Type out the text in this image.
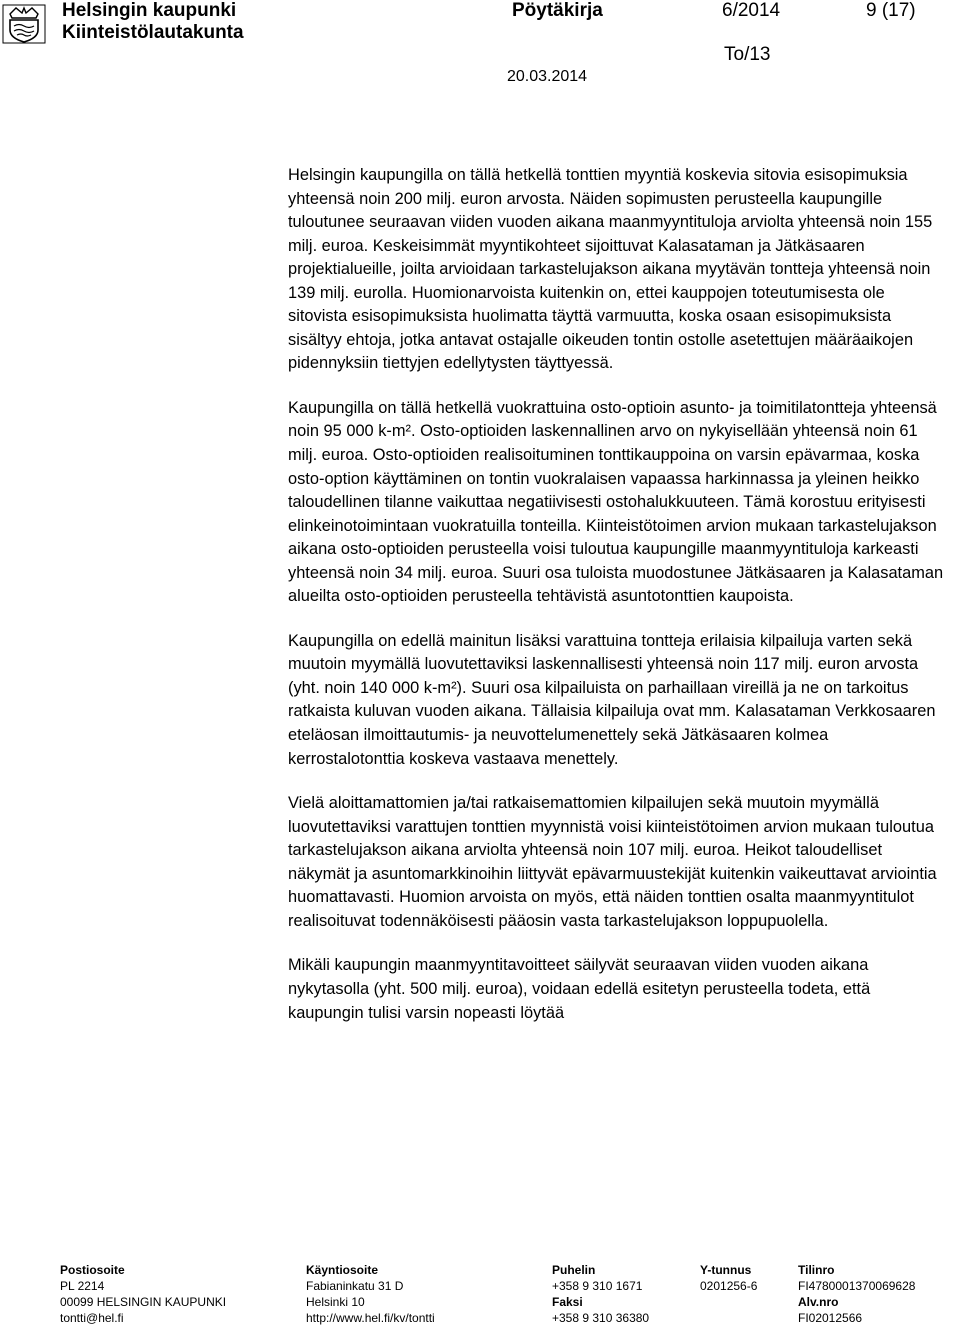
Helsingin kaupunki
Kiinteistölautakunta
Pöytäkirja	6/2014	9 (17)
To/13
20.03.2014

Helsingin kaupungilla on tällä hetkellä tonttien myyntiä koskevia sitovia esisopimuksia yhteensä noin 200 milj. euron arvosta. Näiden sopimusten perusteella kaupungille tuloutunee seuraavan viiden vuoden aikana maanmyyntituloja arviolta yhteensä noin 155 milj. euroa. Keskeisimmät myyntikohteet sijoittuvat Kalasataman ja Jätkäsaaren projektialueille, joilta arvioidaan tarkastelujakson aikana myytävän tontteja yhteensä noin 139 milj. eurolla. Huomionarvoista kuitenkin on, ettei kauppojen toteutumisesta ole sitovista esisopimuksista huolimatta täyttä varmuutta, koska osaan esisopimuksista sisältyy ehtoja, jotka antavat ostajalle oikeuden tontin ostolle asetettujen määräaikojen pidennyksiin tiettyjen edellytysten täyttyessä.

Kaupungilla on tällä hetkellä vuokrattuina osto-optioin asunto- ja toimitilatontteja yhteensä noin 95 000 k-m². Osto-optioiden laskennallinen arvo on nykyisellään yhteensä noin 61 milj. euroa. Osto-optioiden realisoituminen tonttikauppoina on varsin epävarmaa, koska osto-option käyttäminen on tontin vuokralaisen vapaassa harkinnassa ja yleinen heikko taloudellinen tilanne vaikuttaa negatiivisesti ostohalukkuuteen. Tämä korostuu erityisesti elinkeinotoimintaan vuokratuilla tonteilla. Kiinteistötoimen arvion mukaan tarkastelujakson aikana osto-optioiden perusteella voisi tuloutua kaupungille maanmyyntituloja karkeasti yhteensä noin 34 milj. euroa. Suuri osa tuloista muodostunee Jätkäsaaren ja Kalasataman alueilta osto-optioiden perusteella tehtävistä asuntotonttien kaupoista.

Kaupungilla on edellä mainitun lisäksi varattuina tontteja erilaisia kilpailuja varten sekä muutoin myymällä luovutettaviksi laskennallisesti yhteensä noin 117 milj. euron arvosta (yht. noin 140 000 k-m²). Suuri osa kilpailuista on parhaillaan vireillä ja ne on tarkoitus ratkaista kuluvan vuoden aikana. Tällaisia kilpailuja ovat mm. Kalasataman Verkkosaaren eteläosan ilmoittautumis- ja neuvottelumenettely sekä Jätkäsaaren kolmea kerrostalotonttia koskeva vastaava menettely.

Vielä aloittamattomien ja/tai ratkaisemattomien kilpailujen sekä muutoin myymällä luovutettaviksi varattujen tonttien myynnistä voisi kiinteistötoimen arvion mukaan tuloutua tarkastelujakson aikana arviolta yhteensä noin 107 milj. euroa. Heikot taloudelliset näkymät ja asuntomarkkinoihin liittyvät epävarmuustekijät kuitenkin vaikeuttavat arviointia huomattavasti. Huomion arvoista on myös, että näiden tonttien osalta maanmyyntitulot realisoituvat todennäköisesti pääosin vasta tarkastelujakson loppupuolella.

Mikäli kaupungin maanmyyntitavoitteet säilyvät seuraavan viiden vuoden aikana nykytasolla (yht. 500 milj. euroa), voidaan edellä esitetyn perusteella todeta, että kaupungin tulisi varsin nopeasti löytää

Postiosoite
PL 2214
00099 HELSINGIN KAUPUNKI
tontti@hel.fi
Käyntiosoite
Fabianinkatu 31 D
Helsinki 10
http://www.hel.fi/kv/tontti
Puhelin
+358 9 310 1671
Faksi
+358 9 310 36380
Y-tunnus
0201256-6
Tilinro
FI4780001370069628
Alv.nro
FI02012566
